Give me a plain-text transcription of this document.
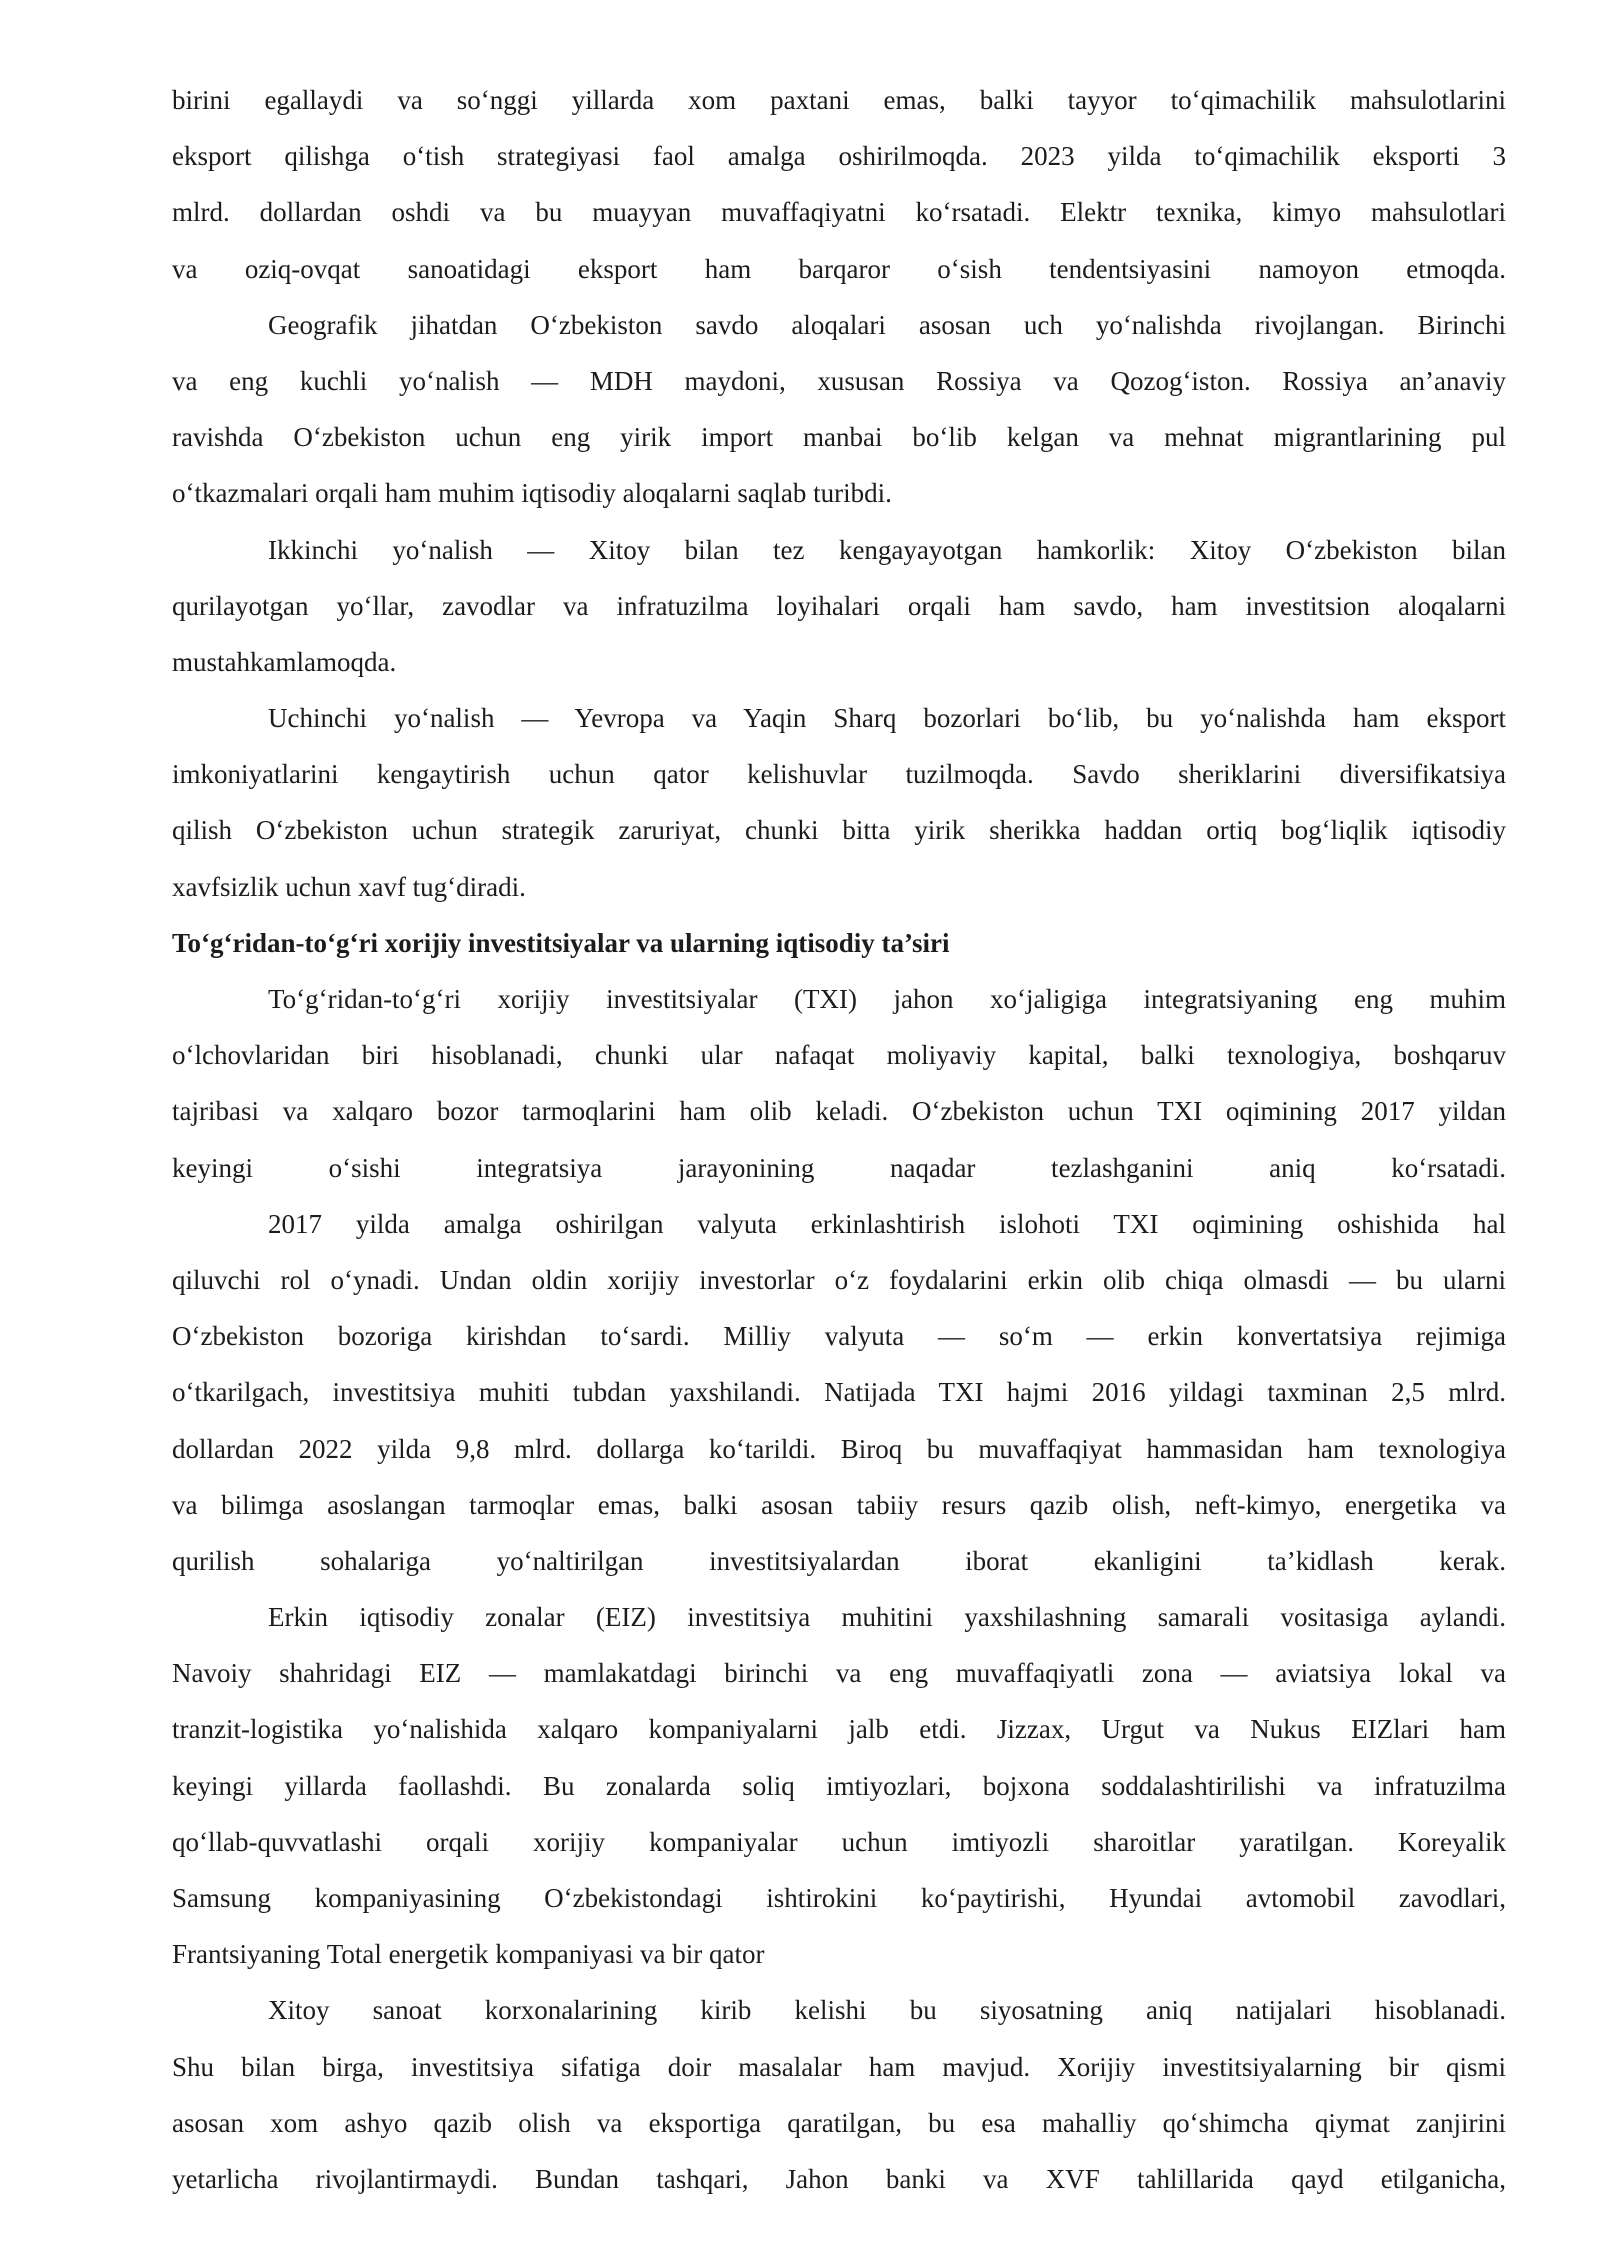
birini egallaydi va so‘nggi yillarda xom paxtani emas, balki tayyor to‘qimachilik mahsulotlarini
eksport qilishga o‘tish strategiyasi faol amalga oshirilmoqda. 2023 yilda to‘qimachilik eksporti 3
mlrd. dollardan oshdi va bu muayyan muvaffaqiyatni ko‘rsatadi. Elektr texnika, kimyo mahsulotlari
va oziq-ovqat sanoatidagi eksport ham barqaror o‘sish tendentsiyasini namoyon etmoqda.
Geografik jihatdan O‘zbekiston savdo aloqalari asosan uch yo‘nalishda rivojlangan. Birinchi
va eng kuchli yo‘nalish — MDH maydoni, xususan Rossiya va Qozog‘iston. Rossiya an’anaviy
ravishda O‘zbekiston uchun eng yirik import manbai bo‘lib kelgan va mehnat migrantlarining pul
o‘tkazmalari orqali ham muhim iqtisodiy aloqalarni saqlab turibdi.
Ikkinchi yo‘nalish — Xitoy bilan tez kengayayotgan hamkorlik: Xitoy O‘zbekiston bilan
qurilayotgan yo‘llar, zavodlar va infratuzilma loyihalari orqali ham savdo, ham investitsion aloqalarni
mustahkamlamoqda.
Uchinchi yo‘nalish — Yevropa va Yaqin Sharq bozorlari bo‘lib, bu yo‘nalishda ham eksport
imkoniyatlarini kengaytirish uchun qator kelishuvlar tuzilmoqda. Savdo sheriklarini diversifikatsiya
qilish O‘zbekiston uchun strategik zaruriyat, chunki bitta yirik sherikka haddan ortiq bog‘liqlik iqtisodiy
xavfsizlik uchun xavf tug‘diradi.
To‘g‘ridan-to‘g‘ri xorijiy investitsiyalar va ularning iqtisodiy ta’siri
To‘g‘ridan-to‘g‘ri xorijiy investitsiyalar (TXI) jahon xo‘jaligiga integratsiyaning eng muhim
o‘lchovlaridan biri hisoblanadi, chunki ular nafaqat moliyaviy kapital, balki texnologiya, boshqaruv
tajribasi va xalqaro bozor tarmoqlarini ham olib keladi. O‘zbekiston uchun TXI oqimining 2017 yildan
keyingi o‘sishi integratsiya jarayonining naqadar tezlashganini aniq ko‘rsatadi.
2017 yilda amalga oshirilgan valyuta erkinlashtirish islohoti TXI oqimining oshishida hal
qiluvchi rol o‘ynadi. Undan oldin xorijiy investorlar o‘z foydalarini erkin olib chiqa olmasdi — bu ularni
O‘zbekiston bozoriga kirishdan to‘sardi. Milliy valyuta — so‘m — erkin konvertatsiya rejimiga
o‘tkarilgach, investitsiya muhiti tubdan yaxshilandi. Natijada TXI hajmi 2016 yildagi taxminan 2,5 mlrd.
dollardan 2022 yilda 9,8 mlrd. dollarga ko‘tarildi. Biroq bu muvaffaqiyat hammasidan ham texnologiya
va bilimga asoslangan tarmoqlar emas, balki asosan tabiiy resurs qazib olish, neft-kimyo, energetika va
qurilish sohalariga yo‘naltirilgan investitsiyalardan iborat ekanligini ta’kidlash kerak.
Erkin iqtisodiy zonalar (EIZ) investitsiya muhitini yaxshilashning samarali vositasiga aylandi.
Navoiy shahridagi EIZ — mamlakatdagi birinchi va eng muvaffaqiyatli zona — aviatsiya lokal va
tranzit-logistika yo‘nalishida xalqaro kompaniyalarni jalb etdi. Jizzax, Urgut va Nukus EIZlari ham
keyingi yillarda faollashdi. Bu zonalarda soliq imtiyozlari, bojxona soddalashtirilishi va infratuzilma
qo‘llab-quvvatlashi orqali xorijiy kompaniyalar uchun imtiyozli sharoitlar yaratilgan. Koreyalik
Samsung kompaniyasining O‘zbekistondagi ishtirokini ko‘paytirishi, Hyundai avtomobil zavodlari,
Frantsiyaning Total energetik kompaniyasi va bir qator
Xitoy sanoat korxonalarining kirib kelishi bu siyosatning aniq natijalari hisoblanadi.
Shu bilan birga, investitsiya sifatiga doir masalalar ham mavjud. Xorijiy investitsiyalarning bir qismi
asosan xom ashyo qazib olish va eksportiga qaratilgan, bu esa mahalliy qo‘shimcha qiymat zanjirini
yetarlicha rivojlantirmaydi. Bundan tashqari, Jahon banki va XVF tahlillarida qayd etilganicha,
